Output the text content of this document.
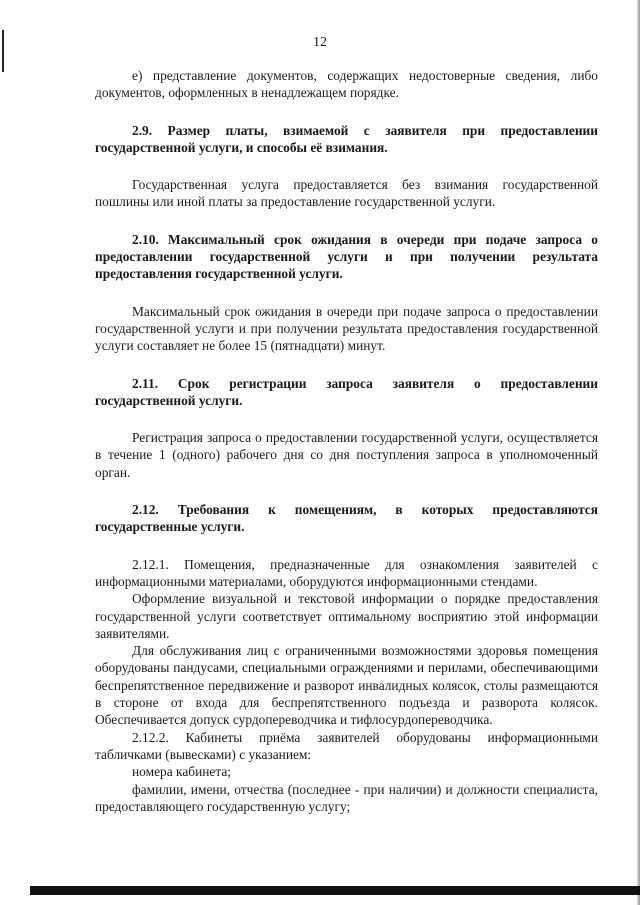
12

е) представление документов, содержащих недостоверные сведения, либо документов, оформленных в ненадлежащем порядке.

2.9. Размер платы, взимаемой с заявителя при предоставлении государственной услуги, и способы её взимания.

Государственная услуга предоставляется без взимания государственной пошлины или иной платы за предоставление государственной услуги.

2.10. Максимальный срок ожидания в очереди при подаче запроса о предоставлении государственной услуги и при получении результата предоставления государственной услуги.

Максимальный срок ожидания в очереди при подаче запроса о предоставлении государственной услуги и при получении результата предоставления государственной услуги составляет не более 15 (пятнадцати) минут.

2.11. Срок регистрации запроса заявителя о предоставлении государственной услуги.

Регистрация запроса о предоставлении государственной услуги, осуществляется в течение 1 (одного) рабочего дня со дня поступления запроса в уполномоченный орган.

2.12. Требования к помещениям, в которых предоставляются государственные услуги.

2.12.1. Помещения, предназначенные для ознакомления заявителей с информационными материалами, оборудуются информационными стендами.

Оформление визуальной и текстовой информации о порядке предоставления государственной услуги соответствует оптимальному восприятию этой информации заявителями.

Для обслуживания лиц с ограниченными возможностями здоровья помещения оборудованы пандусами, специальными ограждениями и перилами, обеспечивающими беспрепятственное передвижение и разворот инвалидных колясок, столы размещаются в стороне от входа для беспрепятственного подъезда и разворота колясок. Обеспечивается допуск сурдопереводчика и тифлосурдопереводчика.

2.12.2. Кабинеты приёма заявителей оборудованы информационными табличками (вывесками) с указанием:

номера кабинета;

фамилии, имени, отчества (последнее - при наличии) и должности специалиста, предоставляющего государственную услугу;
